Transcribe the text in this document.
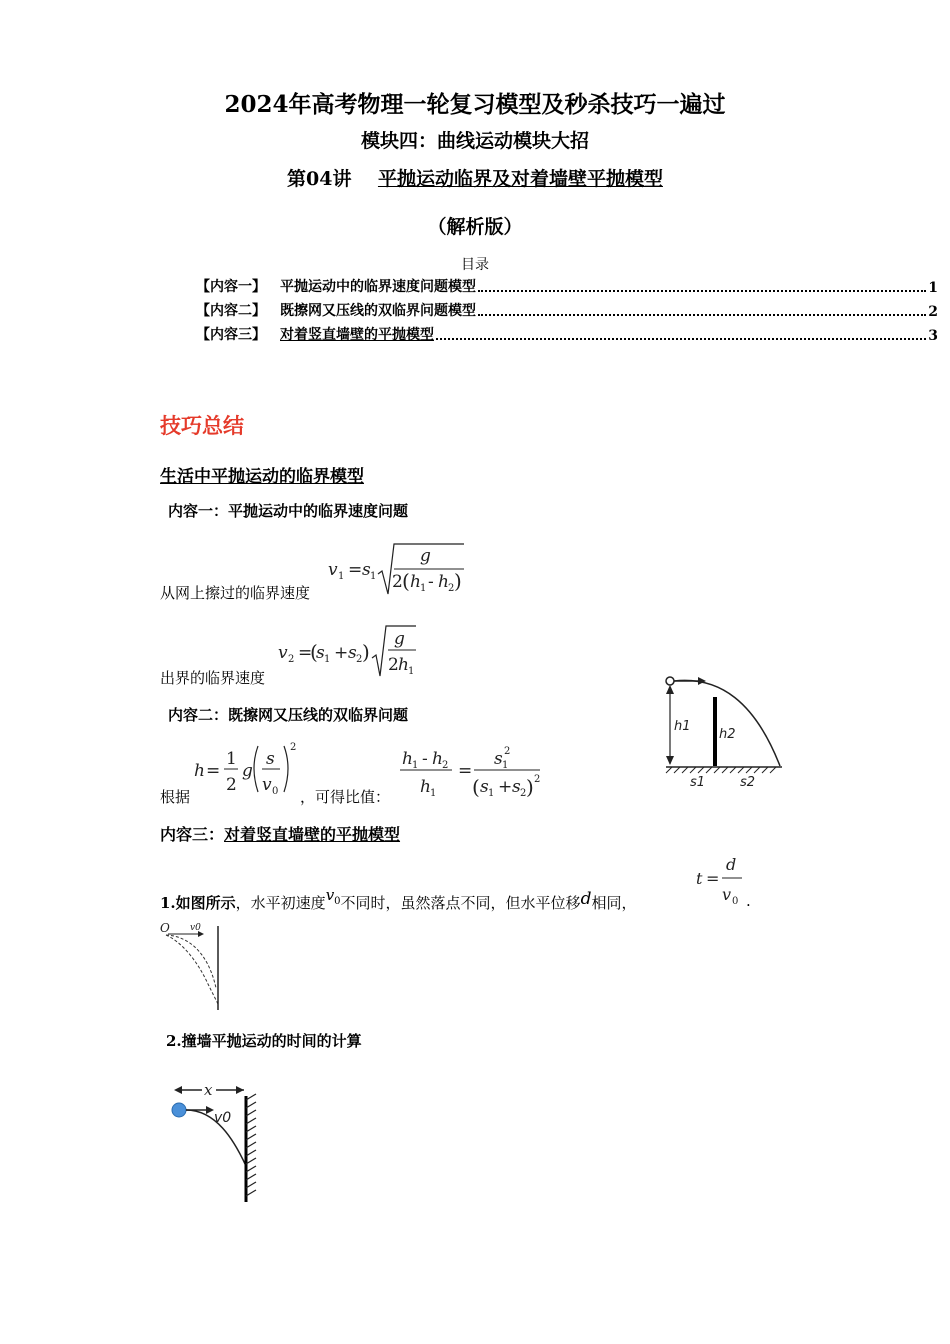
2024年高考物理一轮复习模型及秒杀技巧一遍过
模块四：曲线运动模块大招
第04讲 平抛运动临界及对着墙壁平抛模型
（解析版）
目录
【内容一】	平抛运动中的临界速度问题模型	1
【内容二】	既擦网又压线的双临界问题模型	2
【内容三】	对着竖直墙壁的平抛模型	3
技巧总结
生活中平抛运动的临界模型
内容一：平抛运动中的临界速度问题
从网上擦过的临界速度
v 1 = s 1
g
2 ( h 1 - h 2 )
出界的临界速度
v 2 =
(
s 1 + s 2 )
g
2 h 1
h1
h2
s1	s2
内容二：既擦网又压线的双临界问题
根据
h =
1
2
g
s
v 0
2
，可得比值：
h 1 - h 2
h 1
=
s 1
2
( s 1 + s 2 ) 2
内容三：对着竖直墙壁的平抛模型
1.如图所示，水平初速度$v_0$不同时，虽然落点不同，但水平位移d相同，
t =
d
v 0 .
O v0
2.撞墙平抛运动的时间的计算
x
v0
